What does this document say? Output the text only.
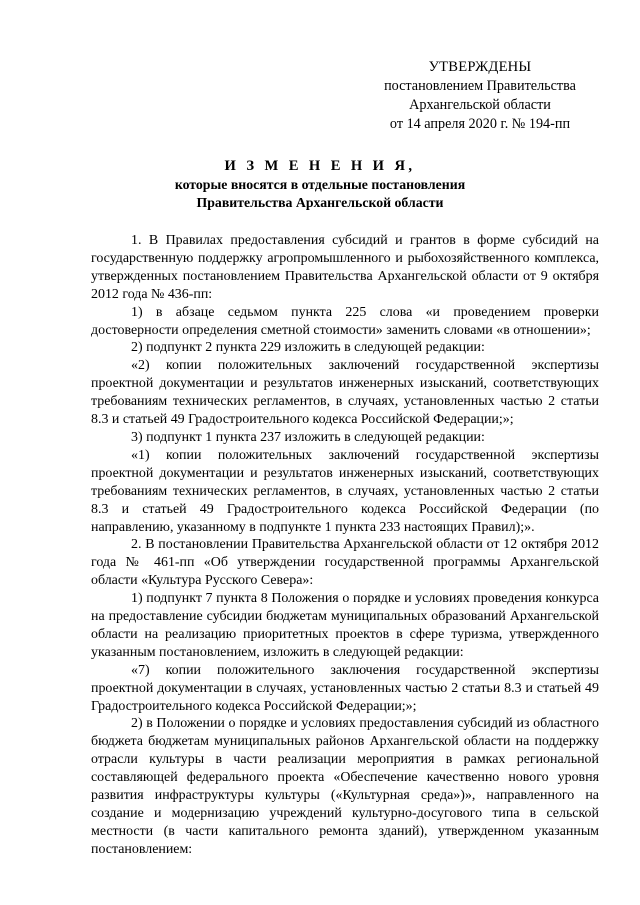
УТВЕРЖДЕНЫ
постановлением Правительства
Архангельской области
от 14 апреля 2020 г. № 194-пп
И З М Е Н Е Н И Я,
которые вносятся в отдельные постановления
Правительства Архангельской области

1. В Правилах предоставления субсидий и грантов в форме субсидий на государственную поддержку агропромышленного и рыбохозяйственного комплекса, утвержденных постановлением Правительства Архангельской области от 9 октября 2012 года № 436-пп:

1) в абзаце седьмом пункта 225 слова «и проведением проверки достоверности определения сметной стоимости» заменить словами «в отношении»;

2) подпункт 2 пункта 229 изложить в следующей редакции:

«2) копии положительных заключений государственной экспертизы проектной документации и результатов инженерных изысканий, соответствующих требованиям технических регламентов, в случаях, установленных частью 2 статьи 8.3 и статьей 49 Градостроительного кодекса Российской Федерации;»;

3) подпункт 1 пункта 237 изложить в следующей редакции:

«1) копии положительных заключений государственной экспертизы проектной документации и результатов инженерных изысканий, соответствующих требованиям технических регламентов, в случаях, установленных частью 2 статьи 8.3 и статьей 49 Градостроительного кодекса Российской Федерации (по направлению, указанному в подпункте 1 пункта 233 настоящих Правил);».

2. В постановлении Правительства Архангельской области от 12 октября 2012 года № 461-пп «Об утверждении государственной программы Архангельской области «Культура Русского Севера»:

1) подпункт 7 пункта 8 Положения о порядке и условиях проведения конкурса на предоставление субсидии бюджетам муниципальных образований Архангельской области на реализацию приоритетных проектов в сфере туризма, утвержденного указанным постановлением, изложить в следующей редакции:

«7) копии положительного заключения государственной экспертизы проектной документации в случаях, установленных частью 2 статьи 8.3 и статьей 49 Градостроительного кодекса Российской Федерации;»;

2) в Положении о порядке и условиях предоставления субсидий из областного бюджета бюджетам муниципальных районов Архангельской области на поддержку отрасли культуры в части реализации мероприятия в рамках региональной составляющей федерального проекта «Обеспечение качественно нового уровня развития инфраструктуры культуры («Культурная среда»)», направленного на создание и модернизацию учреждений культурно-досугового типа в сельской местности (в части капитального ремонта зданий), утвержденном указанным постановлением:
